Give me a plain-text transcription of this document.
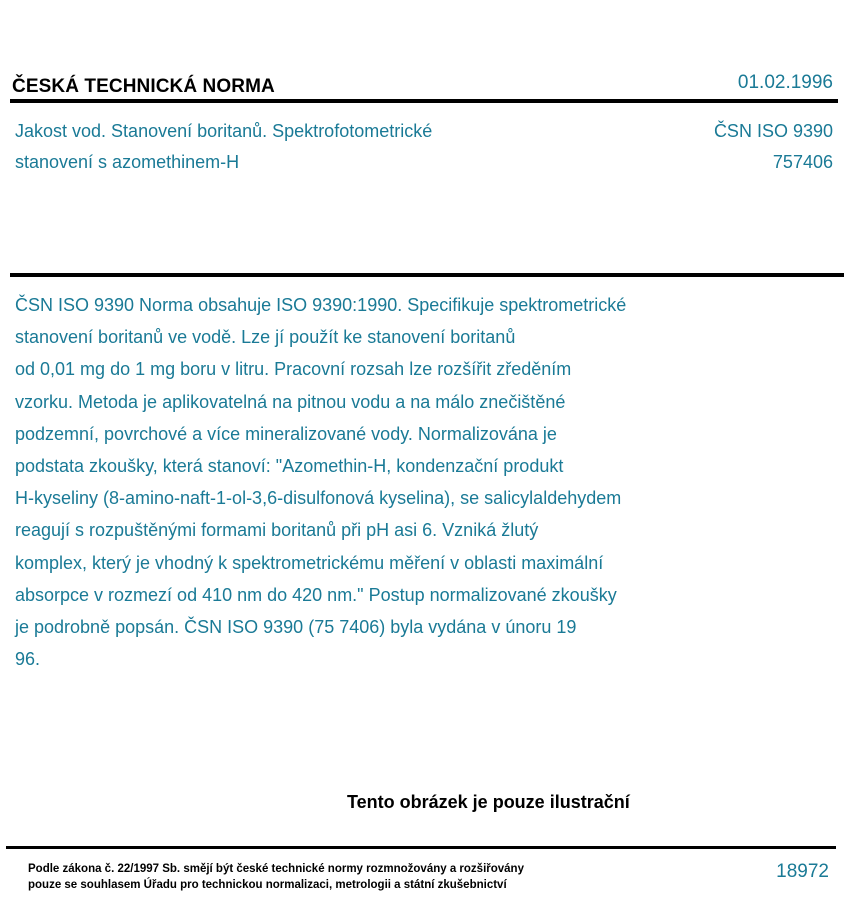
ČESKÁ TECHNICKÁ NORMA	01.02.1996
Jakost vod. Stanovení boritanů. Spektrofotometrické
stanovení s azomethinem-H
ČSN ISO 9390
757406
ČSN ISO 9390 Norma obsahuje ISO 9390:1990. Specifikuje spektrometrické
stanovení boritanů ve vodě. Lze jí použít ke stanovení boritanů
od 0,01 mg do 1 mg boru v litru. Pracovní rozsah lze rozšířit zředěním
vzorku. Metoda je aplikovatelná na pitnou vodu a na málo znečištěné
podzemní, povrchové a více mineralizované vody. Normalizována je
podstata zkoušky, která stanoví: "Azomethin-H, kondenzační produkt
H-kyseliny (8-amino-naft-1-ol-3,6-disulfonová kyselina), se salicylaldehydem
reagují s rozpuštěnými formami boritanů při pH asi 6. Vzniká žlutý
komplex, který je vhodný k spektrometrickému měření v oblasti maximální
absorpce v rozmezí od 410 nm do 420 nm." Postup normalizované zkoušky
je podrobně popsán. ČSN ISO 9390 (75 7406) byla vydána v únoru 19
96.
Tento obrázek je pouze ilustrační
Podle zákona č. 22/1997 Sb. smějí být české technické normy rozmnožovány a rozšiřovány
pouze se souhlasem Úřadu pro technickou normalizaci, metrologii a státní zkušebnictví
18972
